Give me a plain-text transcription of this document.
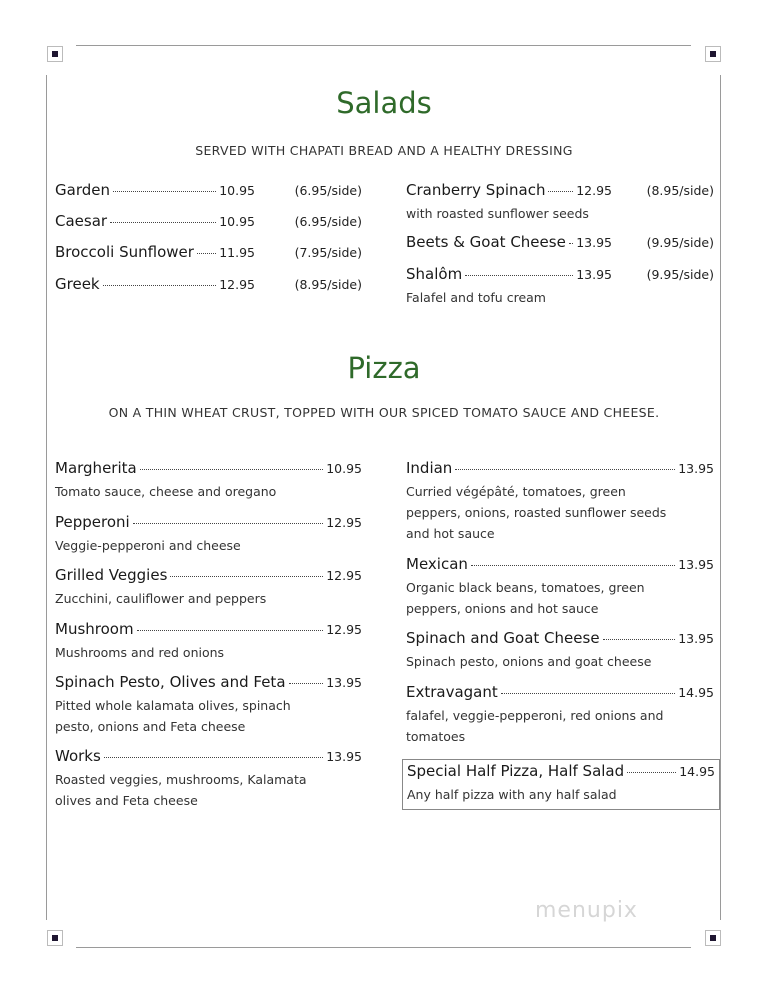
Salads
SERVED WITH CHAPATI BREAD AND A HEALTHY DRESSING
Pizza
ON A THIN WHEAT CRUST, TOPPED WITH OUR SPICED TOMATO SAUCE AND CHEESE.
Garden	10.95	(6.95/side)
Caesar	10.95	(6.95/side)
Broccoli Sunflower 11.95	(7.95/side)
Greek	12.95	(8.95/side)
Cranberry Spinach 12.95	(8.95/side)
with roasted sunflower seeds
Beets & Goat Cheese 13.95	(9.95/side)
Shalôm	13.95	(9.95/side)
Falafel and tofu cream
Margherita	10.95
Tomato sauce, cheese and oregano
Pepperoni	12.95
Veggie-pepperoni and cheese
Grilled Veggies	12.95
Zucchini, cauliflower and peppers
Mushroom	12.95
Mushrooms and red onions
Spinach Pesto, Olives and Feta	13.95
Pitted whole kalamata olives, spinach pesto, onions and Feta cheese
Works	13.95
Roasted veggies, mushrooms, Kalamata olives and Feta cheese
Indian	13.95
Curried végépâté, tomatoes, green peppers, onions, roasted sunflower seeds and hot sauce
Mexican	13.95
Organic black beans, tomatoes, green peppers, onions and hot sauce
Spinach and Goat Cheese	13.95
Spinach pesto, onions and goat cheese
Extravagant	14.95
falafel, veggie-pepperoni, red onions and tomatoes
Special Half Pizza, Half Salad	14.95
Any half pizza with any half salad
menupix
